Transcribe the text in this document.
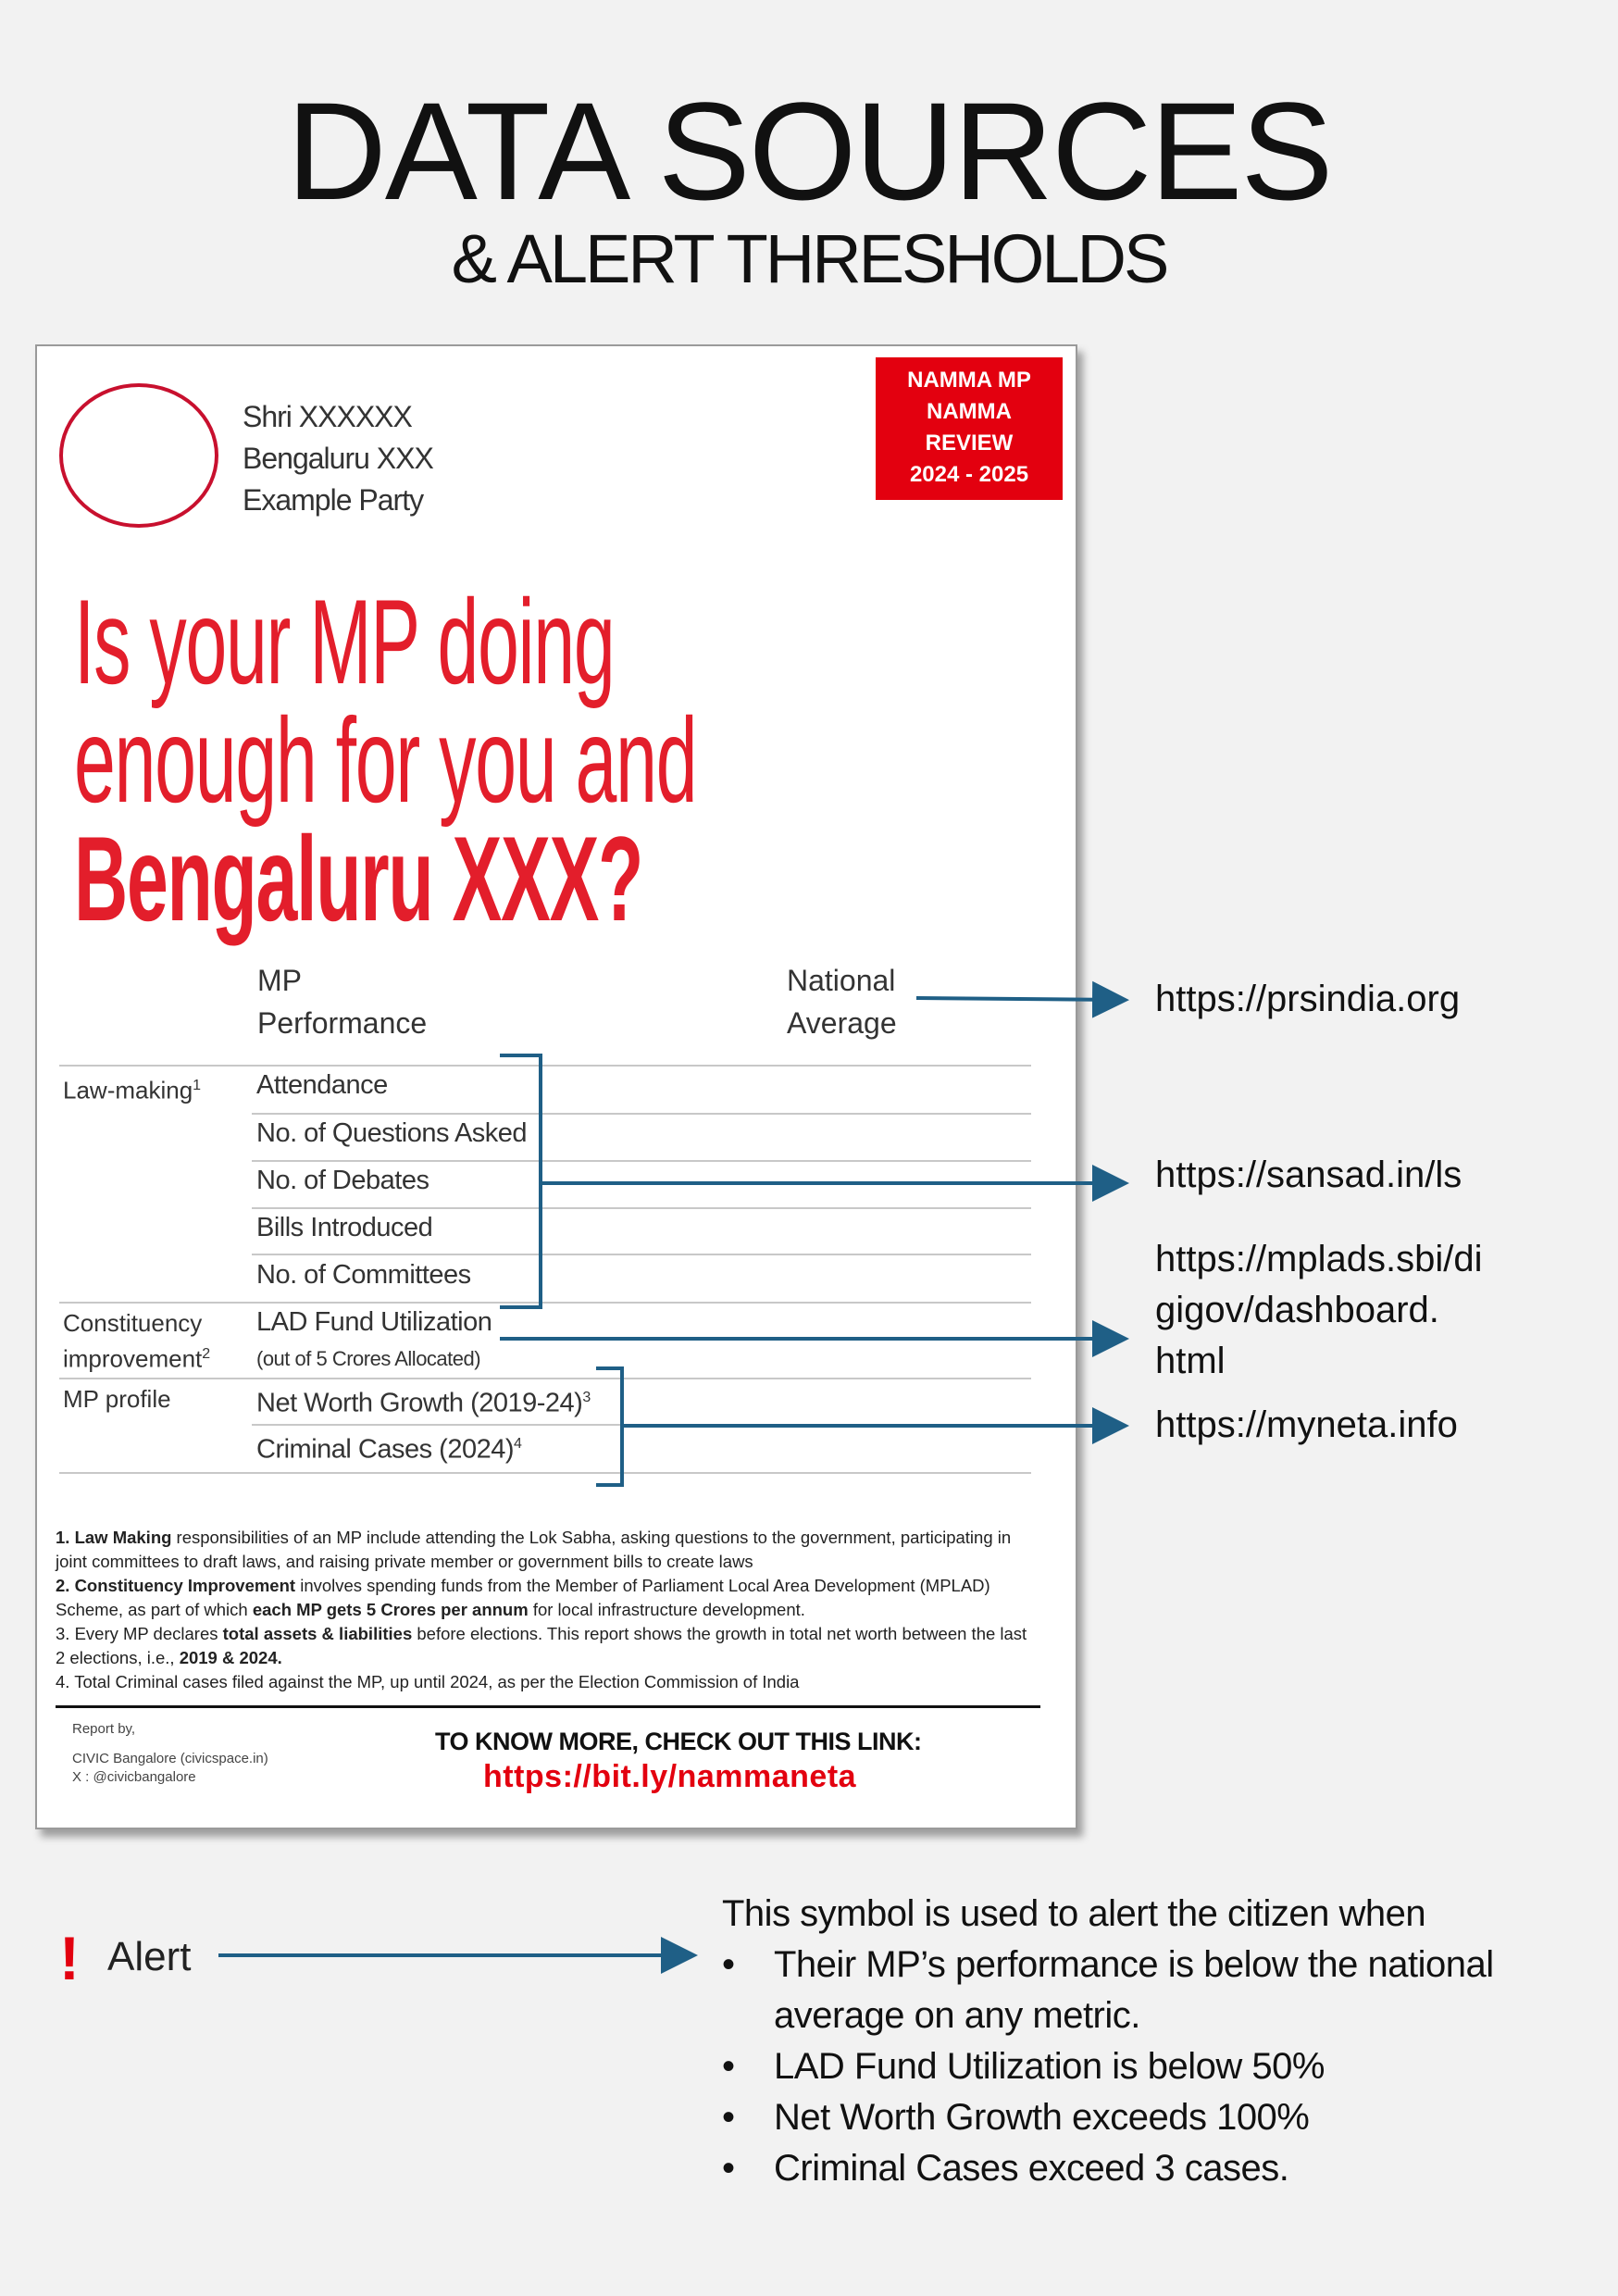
DATA SOURCES
& ALERT THRESHOLDS
Shri XXXXXX
Bengaluru XXX
Example Party
NAMMA MP
NAMMA
REVIEW
2024 - 2025
Is your MP doing
enough for you and
Bengaluru XXX?
MP
Performance
National
Average
Law-making$^1$
Constituency
improvement$^2$
MP profile
Attendance
No. of Questions Asked
No. of Debates
Bills Introduced
No. of Committees
LAD Fund Utilization
(out of 5 Crores Allocated)
Net Worth Growth (2019-24)$^3$
Criminal Cases $(2024)^4$

1. Law Making responsibilities of an MP include attending the Lok Sabha, asking questions to the government, participating in joint committees to draft laws, and raising private member or government bills to create laws

2. Constituency Improvement involves spending funds from the Member of Parliament Local Area Development (MPLAD) Scheme, as part of which each MP gets 5 Crores per annum for local infrastructure development.

3. Every MP declares total assets & liabilities before elections. This report shows the growth in total net worth between the last 2 elections, i.e., 2019 & 2024.

4. Total Criminal cases filed against the MP, up until 2024, as per the Election Commission of India

Report by,
CIVIC Bangalore (civicspace.in)
X : @civicbangalore
TO KNOW MORE, CHECK OUT THIS LINK:
https://bit.ly/nammaneta
https://prsindia.org
https://sansad.in/ls
https://mplads.sbi/di
gigov/dashboard.
html
https://myneta.info
! Alert
This symbol is used to alert the citizen when
• Their MP’s performance is below the national average on any metric.
• LAD Fund Utilization is below 50%
• Net Worth Growth exceeds 100%
• Criminal Cases exceed 3 cases.
